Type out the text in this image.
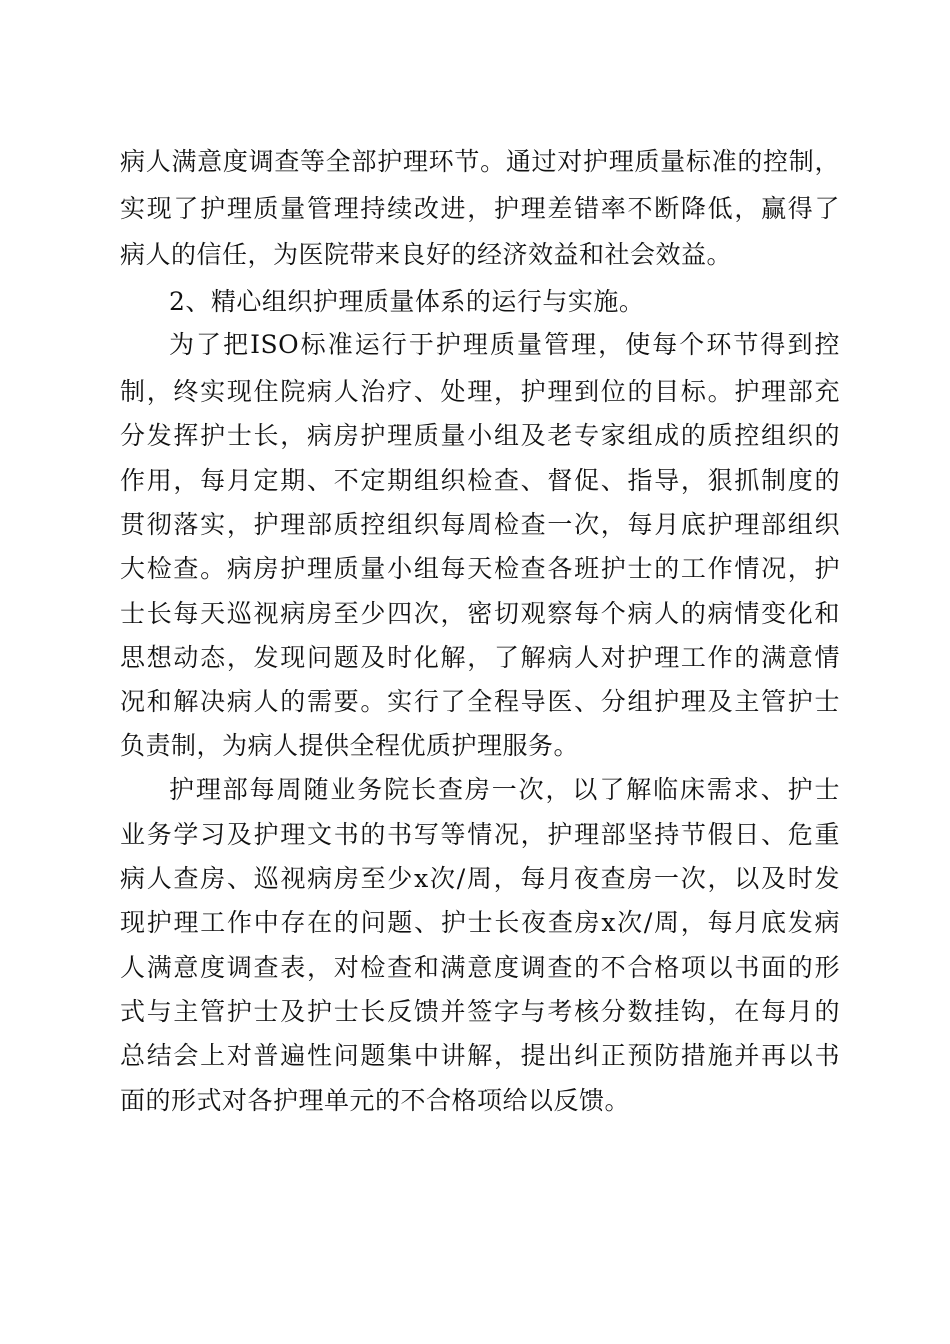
病人满意度调查等全部护理环节。通过对护理质量标准的控制，
实现了护理质量管理持续改进，护理差错率不断降低，赢得了
病人的信任，为医院带来良好的经济效益和社会效益。
2、精心组织护理质量体系的运行与实施。
为了把ISO标准运行于护理质量管理，使每个环节得到控
制，终实现住院病人治疗、处理，护理到位的目标。护理部充
分发挥护士长，病房护理质量小组及老专家组成的质控组织的
作用，每月定期、不定期组织检查、督促、指导，狠抓制度的
贯彻落实，护理部质控组织每周检查一次，每月底护理部组织
大检查。病房护理质量小组每天检查各班护士的工作情况，护
士长每天巡视病房至少四次，密切观察每个病人的病情变化和
思想动态，发现问题及时化解，了解病人对护理工作的满意情
况和解决病人的需要。实行了全程导医、分组护理及主管护士
负责制，为病人提供全程优质护理服务。
护理部每周随业务院长查房一次，以了解临床需求、护士
业务学习及护理文书的书写等情况，护理部坚持节假日、危重
病人查房、巡视病房至少x次/周，每月夜查房一次，以及时发
现护理工作中存在的问题、护士长夜查房x次/周，每月底发病
人满意度调查表，对检查和满意度调查的不合格项以书面的形
式与主管护士及护士长反馈并签字与考核分数挂钩，在每月的
总结会上对普遍性问题集中讲解，提出纠正预防措施并再以书
面的形式对各护理单元的不合格项给以反馈。
